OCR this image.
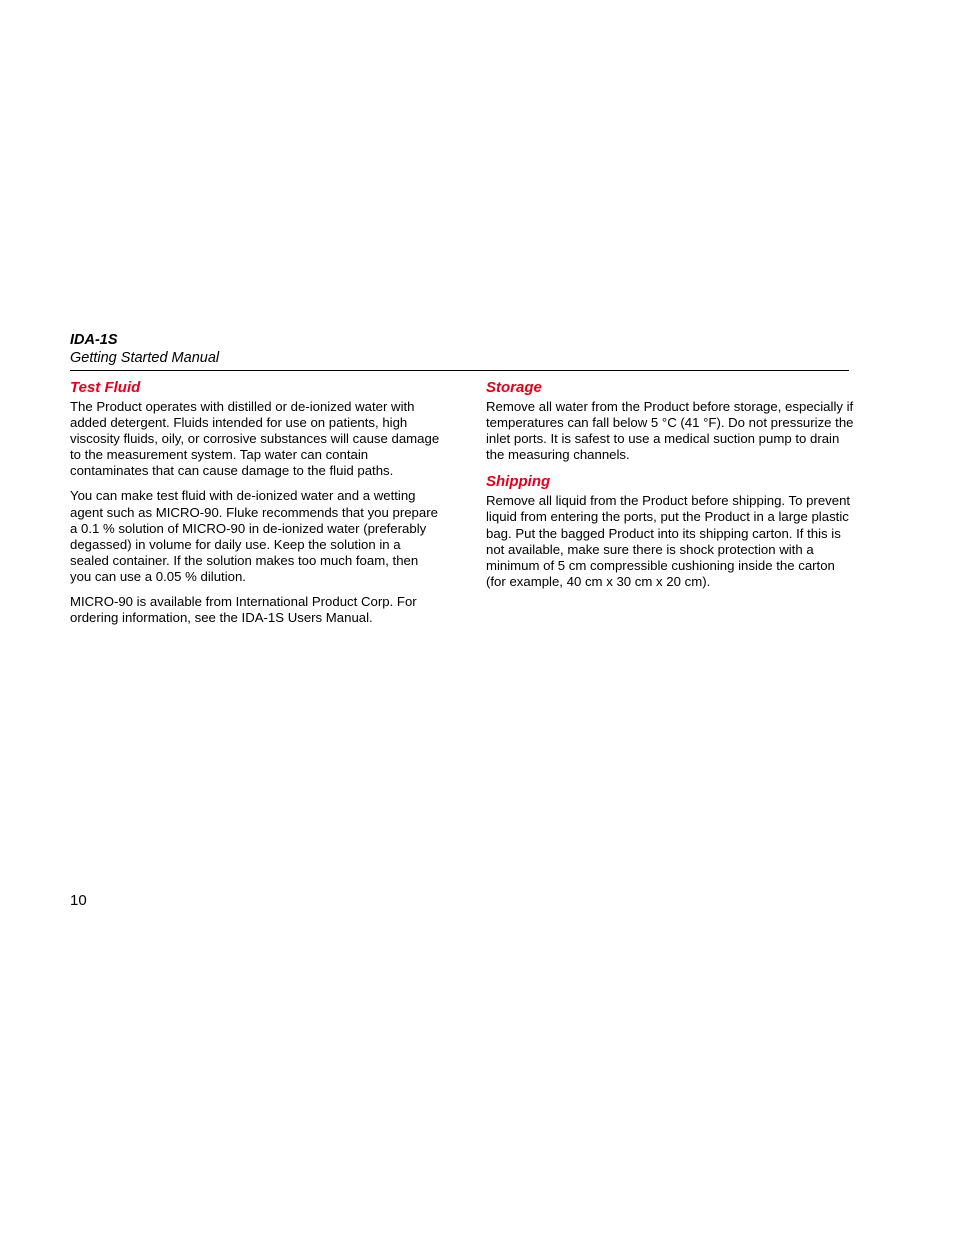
IDA-1S
Getting Started Manual
Test Fluid

The Product operates with distilled or de-ionized water with added detergent. Fluids intended for use on patients, high viscosity fluids, oily, or corrosive substances will cause damage to the measurement system. Tap water can contain contaminates that can cause damage to the fluid paths.

You can make test fluid with de-ionized water and a wetting agent such as MICRO-90. Fluke recommends that you prepare a 0.1 % solution of MICRO-90 in de-ionized water (preferably degassed) in volume for daily use. Keep the solution in a sealed container. If the solution makes too much foam, then you can use a 0.05 % dilution.

MICRO-90 is available from International Product Corp. For ordering information, see the IDA-1S Users Manual.

Storage

Remove all water from the Product before storage, especially if temperatures can fall below 5 °C (41 °F). Do not pressurize the inlet ports. It is safest to use a medical suction pump to drain the measuring channels.

Shipping

Remove all liquid from the Product before shipping. To prevent liquid from entering the ports, put the Product in a large plastic bag. Put the bagged Product into its shipping carton. If this is not available, make sure there is shock protection with a minimum of 5 cm compressible cushioning inside the carton (for example, 40 cm x 30 cm x 20 cm).

10
